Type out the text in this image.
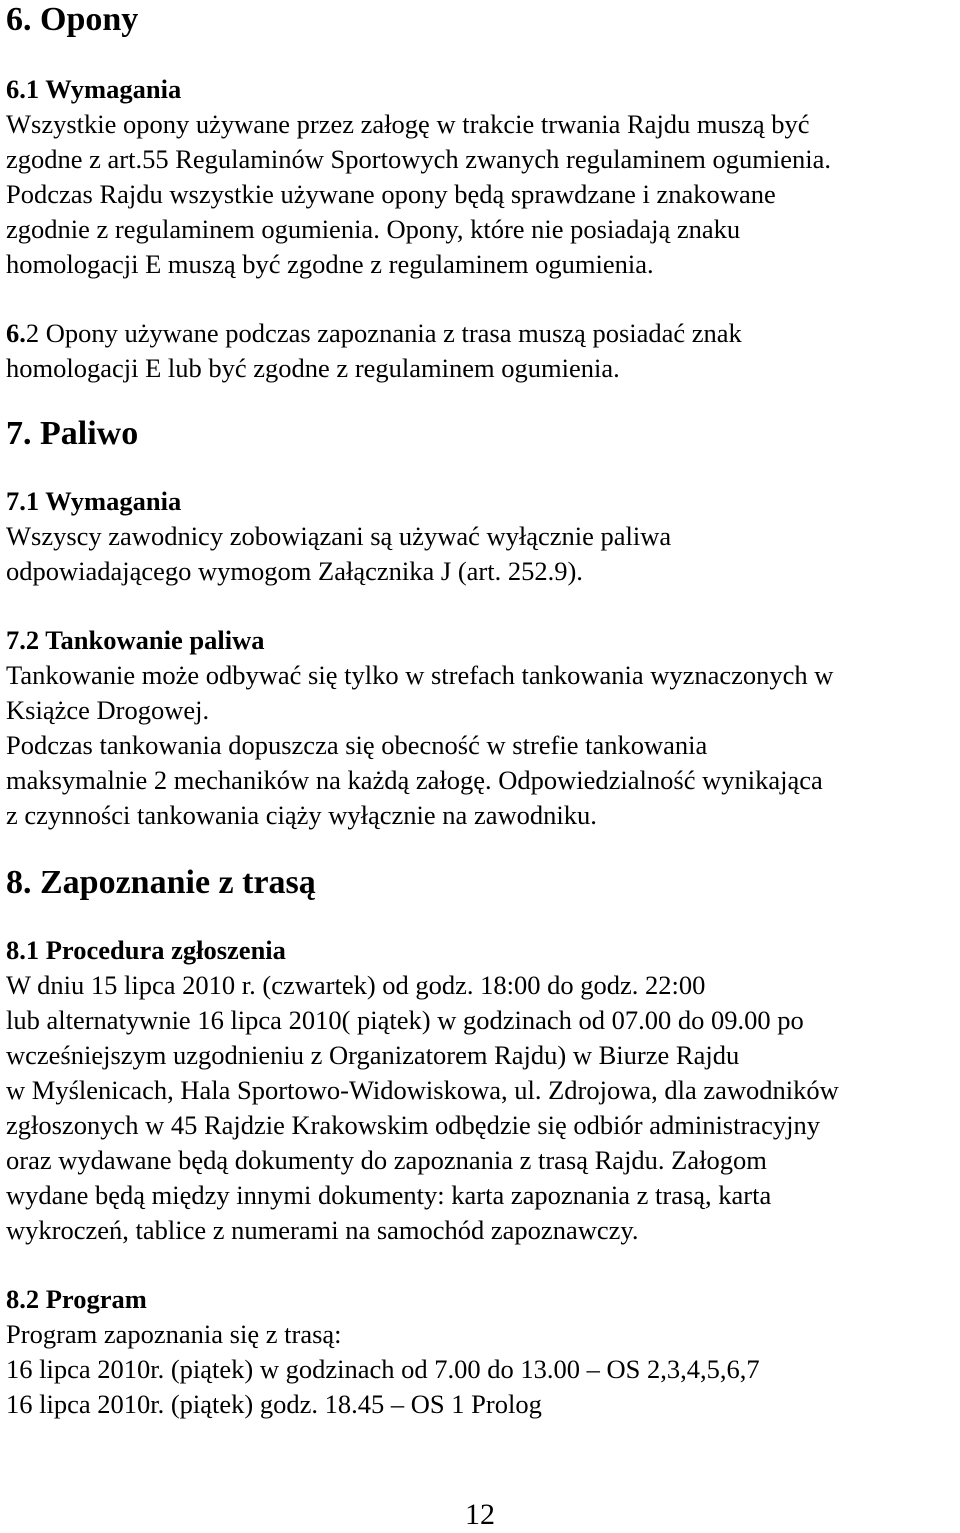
6. Opony
6.1 Wymagania
Wszystkie opony używane przez załogę w trakcie trwania Rajdu muszą być
zgodne z art.55 Regulaminów Sportowych zwanych regulaminem ogumienia.
Podczas Rajdu wszystkie używane opony będą sprawdzane i znakowane
zgodnie z regulaminem ogumienia. Opony, które nie posiadają znaku
homologacji E muszą być zgodne z regulaminem ogumienia.
6.2 Opony używane podczas zapoznania z trasa muszą posiadać znak
homologacji E lub być zgodne z regulaminem ogumienia.
7. Paliwo
7.1 Wymagania
Wszyscy zawodnicy zobowiązani są używać wyłącznie paliwa
odpowiadającego wymogom Załącznika J (art. 252.9).
7.2 Tankowanie paliwa
Tankowanie może odbywać się tylko w strefach tankowania wyznaczonych w
Książce Drogowej.
Podczas tankowania dopuszcza się obecność w strefie tankowania
maksymalnie 2 mechaników na każdą załogę. Odpowiedzialność wynikająca
z czynności tankowania ciąży wyłącznie na zawodniku.
8. Zapoznanie z trasą
8.1 Procedura zgłoszenia
W dniu 15 lipca 2010 r. (czwartek) od godz. 18:00 do godz. 22:00
lub alternatywnie 16 lipca 2010( piątek) w godzinach od 07.00 do 09.00 po
wcześniejszym uzgodnieniu z Organizatorem Rajdu) w Biurze Rajdu
w Myślenicach, Hala Sportowo-Widowiskowa, ul. Zdrojowa, dla zawodników
zgłoszonych w 45 Rajdzie Krakowskim odbędzie się odbiór administracyjny
oraz wydawane będą dokumenty do zapoznania z trasą Rajdu. Załogom
wydane będą między innymi dokumenty: karta zapoznania z trasą, karta
wykroczeń, tablice z numerami na samochód zapoznawczy.
8.2 Program
Program zapoznania się z trasą:
16 lipca 2010r. (piątek) w godzinach od 7.00 do 13.00 – OS 2,3,4,5,6,7
16 lipca 2010r. (piątek) godz. 18.45 – OS 1 Prolog
12
